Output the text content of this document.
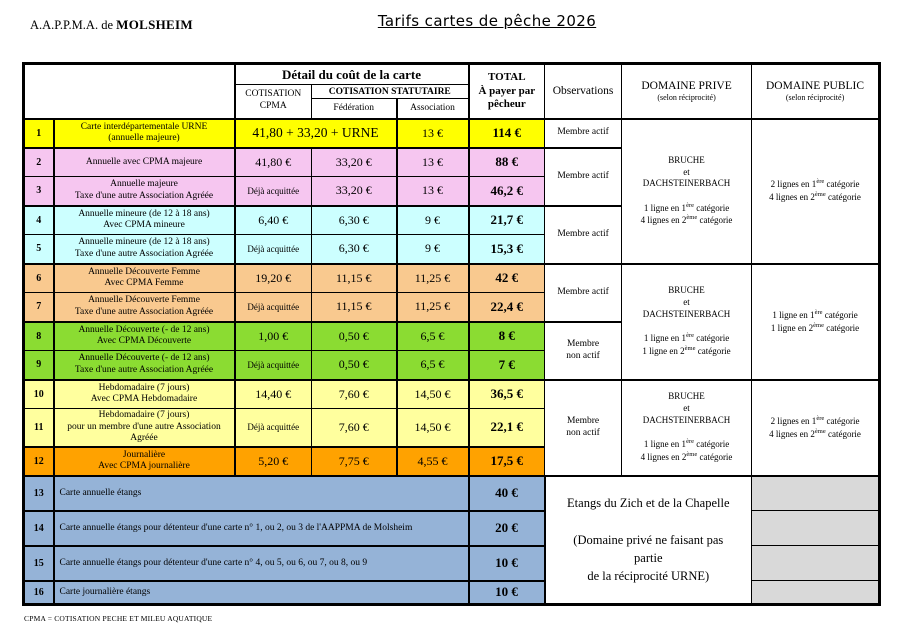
A.A.P.P.M.A. de MOLSHEIM	Tarifs cartes de pêche 2026
		Détail du coût de la carte			TOTAL
À payer par
pêcheur	Observations	DOMAINE PRIVE
(selon réciprocité)	DOMAINE PUBLIC
(selon réciprocité)

		COTISATION
CPMA	COTISATION STATUTAIRE					
			Fédération	Association				
1	Carte interdépartementale URNE
(annuelle majeure)	41,80 + 33,20 + URNE		13 €	114 €	Membre actif	BRUCHE
et
DACHSTEINERBACH

1 ligne en 1ère catégorie
4 lignes en 2ème catégorie	2 lignes en 1ère catégorie
4 lignes en 2ème catégorie
2	Annuelle avec CPMA majeure	41,80 €	33,20 €	13 €	88 €	Membre actif		
3	Annuelle majeure
Taxe d'une autre Association Agréée	Déjà acquittée	33,20 €	13 €	46,2 €			
4	Annuelle mineure (de 12 à 18 ans)
Avec CPMA mineure	6,40 €	6,30 €	9 €	21,7 €	Membre actif		
5	Annuelle mineure (de 12 à 18 ans)
Taxe d'une autre Association Agréée	Déjà acquittée	6,30 €	9 €	15,3 €			
6	Annuelle Découverte Femme
Avec CPMA Femme	19,20 €	11,15 €	11,25 €	42 €	Membre actif	BRUCHE
et
DACHSTEINERBACH

1 ligne en 1ère catégorie
1 ligne en 2ème catégorie	1 ligne en 1ère catégorie
1 ligne en 2ème catégorie
7	Annuelle Découverte Femme
Taxe d'une autre Association Agréée	Déjà acquittée	11,15 €	11,25 €	22,4 €			
8	Annuelle Découverte (- de 12 ans)
Avec CPMA Découverte	1,00 €	0,50 €	6,5 €	8 €	Membre
non actif		
9	Annuelle Découverte (- de 12 ans)
Taxe d'une autre Association Agréée	Déjà acquittée	0,50 €	6,5 €	7 €			
10	Hebdomadaire (7 jours)
Avec CPMA Hebdomadaire	14,40 €	7,60 €	14,50 €	36,5 €	Membre
non actif	BRUCHE
et
DACHSTEINERBACH

1 ligne en 1ère catégorie
4 lignes en 2ème catégorie	2 lignes en 1ère catégorie
4 lignes en 2ème catégorie
11	Hebdomadaire (7 jours)
pour un membre d'une autre Association
Agréée	Déjà acquittée	7,60 €	14,50 €	22,1 €			
12	Journalière
Avec CPMA journalière	5,20 €	7,75 €	4,55 €	17,5 €			
13	Carte annuelle étangs				40 €	Etangs du Zich et de la Chapelle

(Domaine privé ne faisant pas
partie
de la réciprocité URNE)		
14	Carte annuelle étangs pour détenteur d'une carte n° 1, ou 2, ou 3 de l'AAPPMA de Molsheim				20 €			
15	Carte annuelle étangs pour détenteur d'une carte n° 4, ou 5, ou 6, ou 7, ou 8, ou 9				10 €			
16	Carte journalière étangs				10 €			
CPMA = COTISATION PECHE ET MILEU AQUATIQUE
